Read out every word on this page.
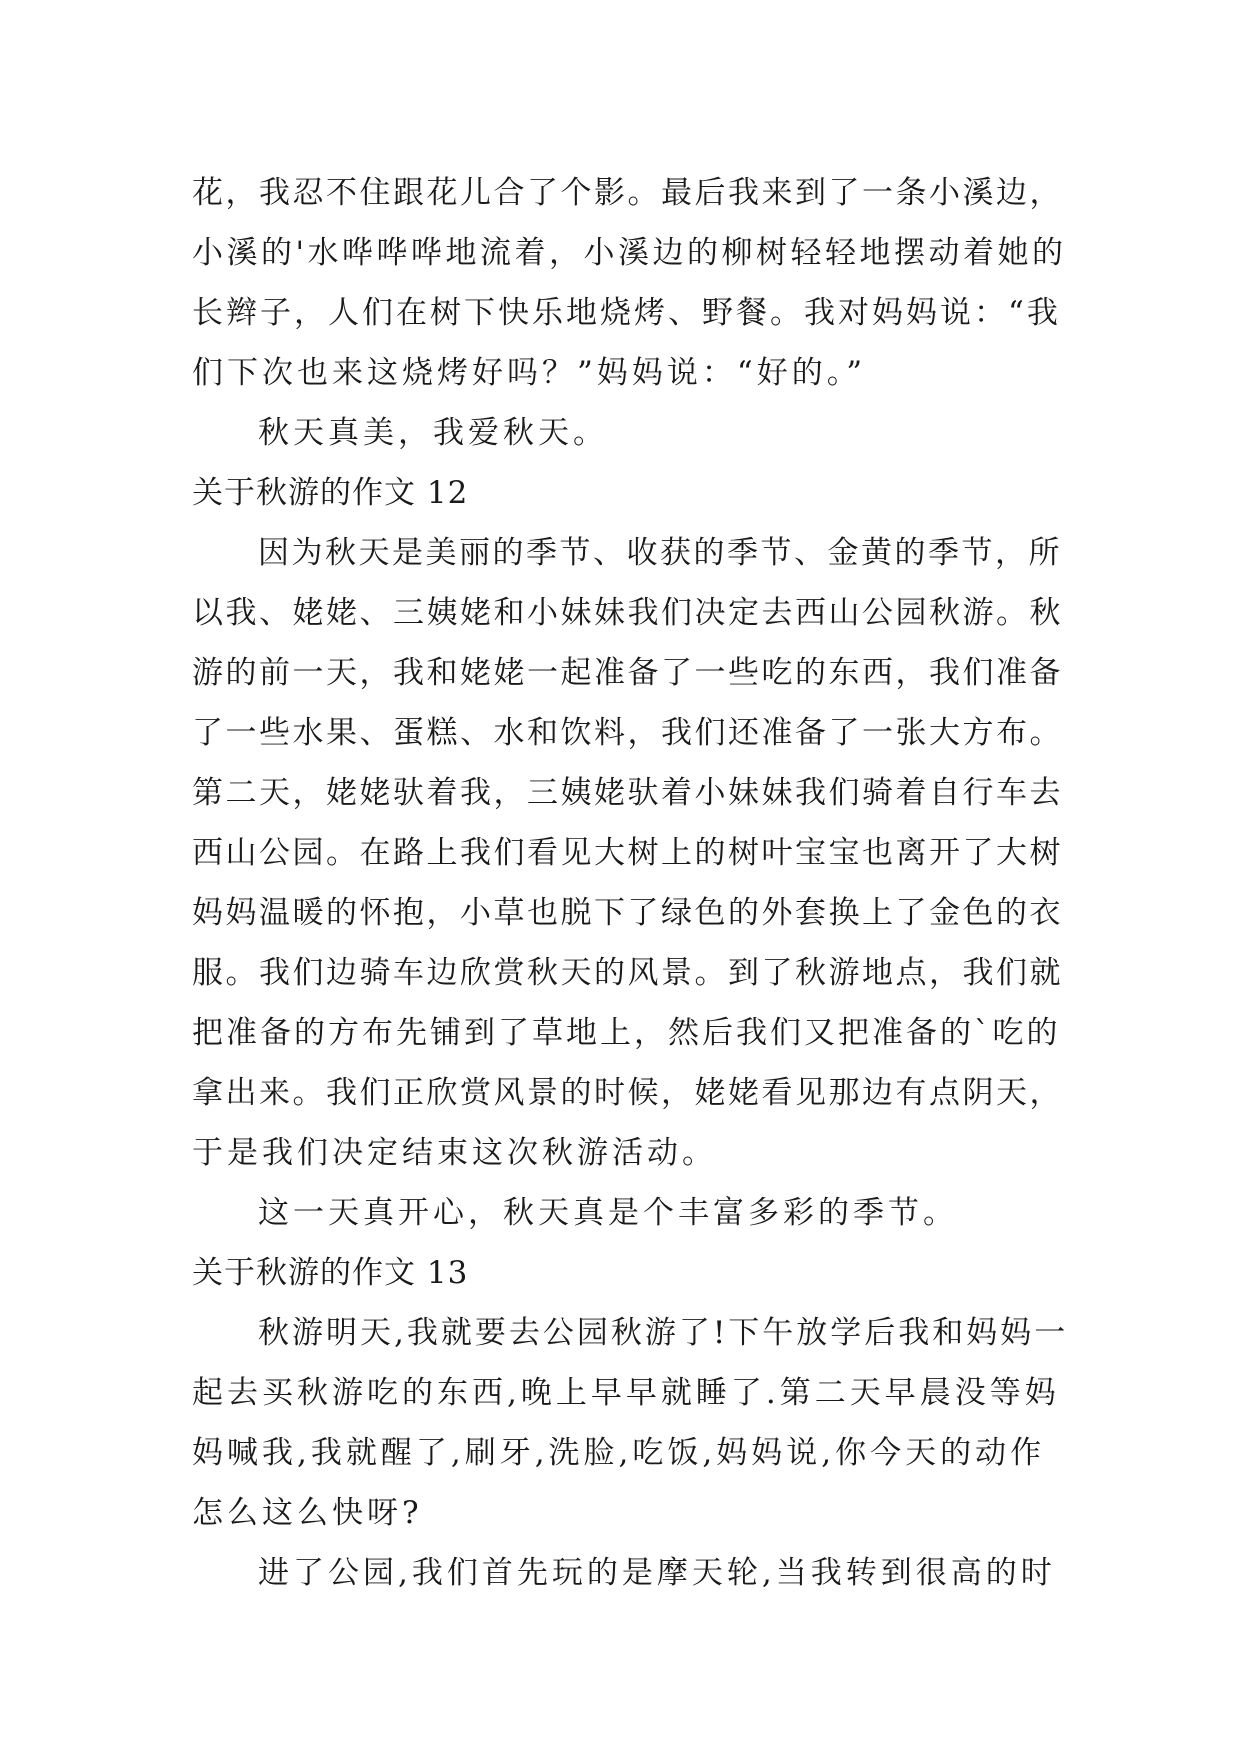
花，我忍不住跟花儿合了个影。最后我来到了一条小溪边，
小溪的'水哗哗哗地流着，小溪边的柳树轻轻地摆动着她的
长辫子，人们在树下快乐地烧烤、野餐。我对妈妈说：“我
们下次也来这烧烤好吗？”妈妈说：“好的。”
秋天真美，我爱秋天。
关于秋游的作文 12
因为秋天是美丽的季节、收获的季节、金黄的季节，所
以我、姥姥、三姨姥和小妹妹我们决定去西山公园秋游。秋
游的前一天，我和姥姥一起准备了一些吃的东西，我们准备
了一些水果、蛋糕、水和饮料，我们还准备了一张大方布。
第二天，姥姥驮着我，三姨姥驮着小妹妹我们骑着自行车去
西山公园。在路上我们看见大树上的树叶宝宝也离开了大树
妈妈温暖的怀抱，小草也脱下了绿色的外套换上了金色的衣
服。我们边骑车边欣赏秋天的风景。到了秋游地点，我们就
把准备的方布先铺到了草地上，然后我们又把准备的`吃的
拿出来。我们正欣赏风景的时候，姥姥看见那边有点阴天，
于是我们决定结束这次秋游活动。
这一天真开心，秋天真是个丰富多彩的季节。
关于秋游的作文 13
秋游明天,我就要去公园秋游了!下午放学后我和妈妈一
起去买秋游吃的东西,晚上早早就睡了.第二天早晨没等妈
妈喊我,我就醒了,刷牙,洗脸,吃饭,妈妈说,你今天的动作
怎么这么快呀?
进了公园,我们首先玩的是摩天轮,当我转到很高的时
